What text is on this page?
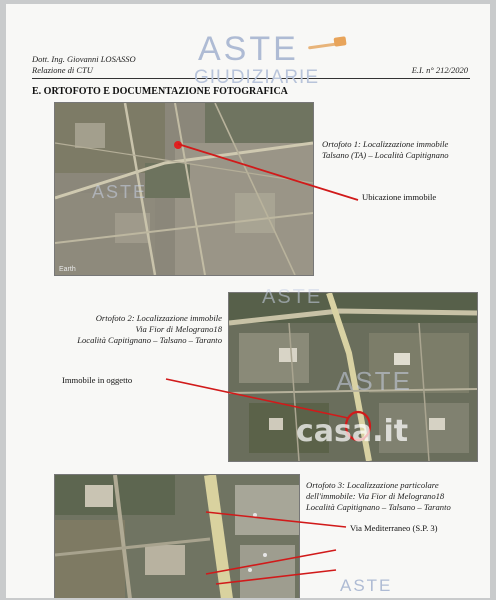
Dott. Ing. Giovanni LOSASSO
Relazione di CTU	E.I. n° 212/2020
ASTE
GIUDIZIARIE
E. ORTOFOTO E DOCUMENTAZIONE FOTOGRAFICA
Earth
Ortofoto 1: Localizzazione immobile
Talsano (TA) – Località Capitignano
Ubicazione immobile
Ortofoto 2: Localizzazione immobile
Via Fior di Melograno18
Località Capitignano – Talsano – Taranto
Immobile in oggetto
Ortofoto 3: Localizzazione particolare
dell'immobile: Via Fior di Melograno18
Località Capitignano – Talsano – Taranto
Via Mediterraneo (S.P. 3)
ASTE
ASTE
ASTE
casa.it
ASTE
